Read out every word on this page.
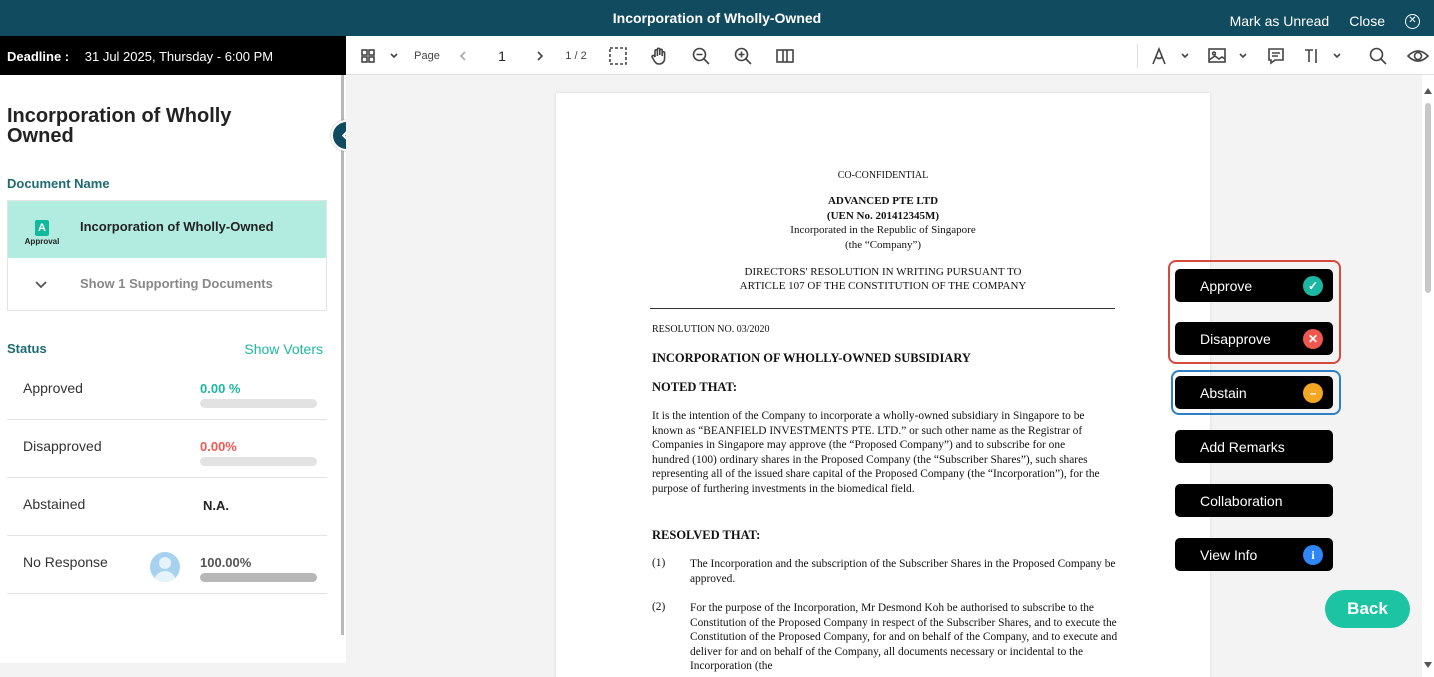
Incorporation of Wholly-Owned	Mark as Unread Close	✕
Deadline : 31 Jul 2025, Thursday - 6:00 PM	Page	1	1 / 2
Incorporation of Wholly Owned
Document Name
A
Approval
Incorporation of Wholly-Owned
Show 1 Supporting Documents
Status	Show Voters
Approved	0.00 %
Disapproved	0.00%
Abstained	N.A.
No Response	100.00%
CO-CONFIDENTIAL
ADVANCED PTE LTD
(UEN No. 201412345M)
Incorporated in the Republic of Singapore
(the “Company”)
DIRECTORS' RESOLUTION IN WRITING PURSUANT TO
ARTICLE 107 OF THE CONSTITUTION OF THE COMPANY
RESOLUTION NO. 03/2020
INCORPORATION OF WHOLLY-OWNED SUBSIDIARY
NOTED THAT:
It is the intention of the Company to incorporate a wholly-owned subsidiary in Singapore to be known as “BEANFIELD INVESTMENTS PTE. LTD.” or such other name as the Registrar of Companies in Singapore may approve (the “Proposed Company”) and to subscribe for one hundred (100) ordinary shares in the Proposed Company (the “Subscriber Shares”), such shares representing all of the issued share capital of the Proposed Company (the “Incorporation”), for the purpose of furthering investments in the biomedical field.
RESOLVED THAT:
(1) The Incorporation and the subscription of the Subscriber Shares in the Proposed Company be approved.
(2) For the purpose of the Incorporation, Mr Desmond Koh be authorised to subscribe to the Constitution of the Proposed Company in respect of the Subscriber Shares, and to execute the Constitution of the Proposed Company, for and on behalf of the Company, and to execute and deliver for and on behalf of the Company, all documents necessary or incidental to the Incorporation (the
Approve	✓
Disapprove	✕
Abstain	–
Add Remarks
Collaboration
View Info	i
Back
